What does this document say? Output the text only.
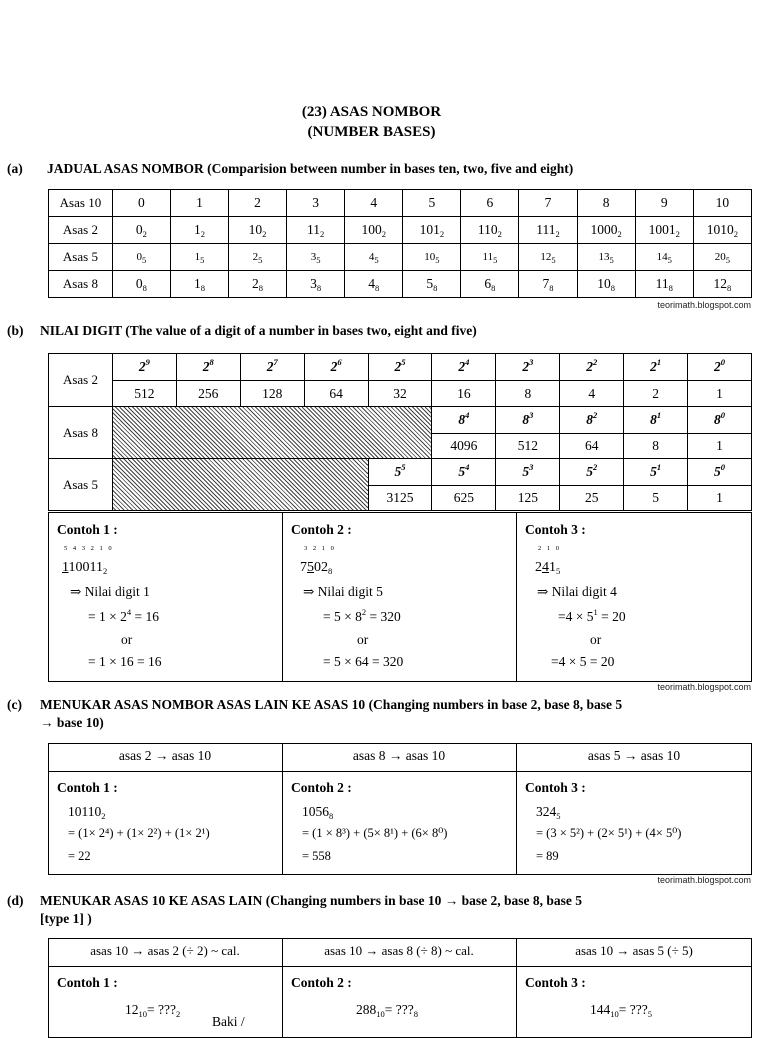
(23) ASAS NOMBOR
(NUMBER BASES)
(a) JADUAL ASAS NOMBOR (Comparision between number in bases ten, two, five and eight)
Asas 10	0	1	2	3	4	5	6	7	8	9	10
Asas 2	$0_2$	$1_2$	$10_2$	$11_2$	$100_2$	$101_2$	$110_2$	$111_2$	$1000_2$	$1001_2$	$1010_2$
Asas 5	$0_5$	$1_5$	$2_5$	$3_5$	$4_5$	$10_5$	$11_5$	$12_5$	$13_5$	$14_5$	$20_5$
Asas 8	$0_8$	$1_8$	$2_8$	$3_8$	$4_8$	$5_8$	$6_8$	$7_8$	$10_8$	$11_8$	$12_8$
teorimath.blogspot.com
(b) NILAI DIGIT (The value of a digit of a number in bases two, eight and five)
Asas 2	$2^9$	$2^8$	$2^7$	$2^6$	$2^5$	$2^4$	$2^3$	$2^2$	$2^1$	$2^0$
	512	256	128	64	32	16	8	4	2	1
Asas 8						$8^4$	$8^3$	$8^2$	$8^1$	$8^0$
						4096	512	64	8	1
Asas 5					$5^5$	$5^4$	$5^3$	$5^2$	$5^1$	$5^0$
					3125	625	125	25	5	1
Contoh 1 :
5 4 3 2 1 0
$110011_2$
⇒ Nilai digit 1
= $1 \times 2^4 = 16$
or
= 1 × 16 = 16
Contoh 2 :
3 2 1 0
$7502_8$
⇒ Nilai digit 5
= $5 \times 8^2 = 320$
or
= 5 × 64 = 320
Contoh 3 :
2 1 0
$241_5$
⇒ Nilai digit 4
$=4 \times 5^1 = 20$
or
=4 × 5 = 20
teorimath.blogspot.com
(c) MENUKAR ASAS NOMBOR ASAS LAIN KE ASAS 10 (Changing numbers in base 2, base 8, base 5
→ base 10)
asas 2 → asas 10	asas 8 → asas 10	asas 5 → asas 10
Contoh 1 :
$10110_2$
= (1× 2⁴) + (1× 2²) + (1× 2¹)
= 22
Contoh 2 :
$1056_8$
= (1 × 8³) + (5× 8¹) + (6× 8⁰)
= 558
Contoh 3 :
$324_5$
= (3 × 5²) + (2× 5¹) + (4× 5⁰)
= 89
teorimath.blogspot.com
(d) MENUKAR ASAS 10 KE ASAS LAIN (Changing numbers in base 10 → base 2, base 8, base 5
[type 1] )
asas 10 → asas 2 (÷ 2) ~ cal.	asas 10 → asas 8 (÷ 8) ~ cal.	asas 10 → asas 5 (÷ 5)
Contoh 1 :
$12_{10}=$ $???_2$ Baki /
Contoh 2 :
$288_{10}=$ $???_8$
Contoh 3 :
$144_{10}=$ $???_5$
